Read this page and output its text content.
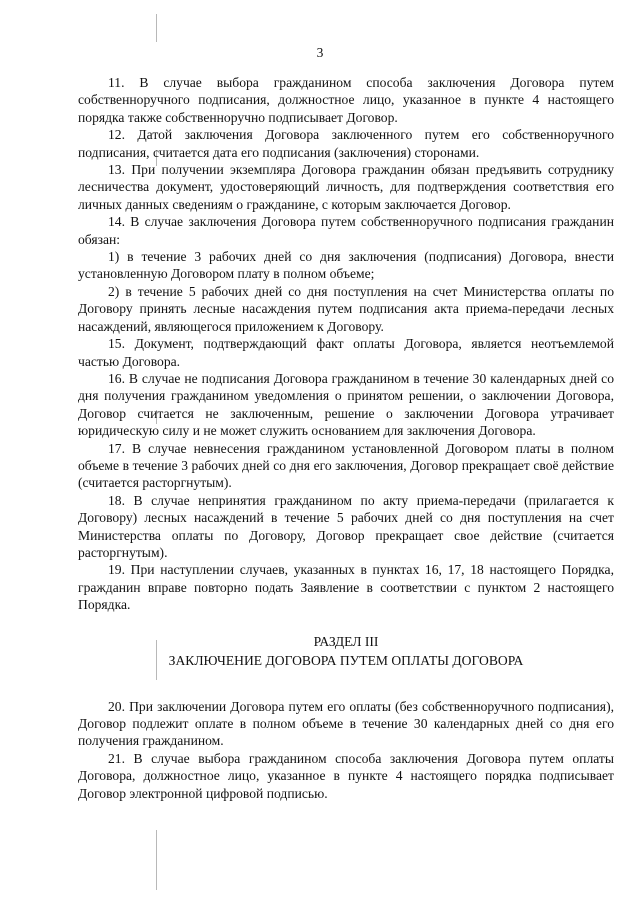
3

11. В случае выбора гражданином способа заключения Договора путем собственноручного подписания, должностное лицо, указанное в пункте 4 настоящего порядка также собственноручно подписывает Договор.

12. Датой заключения Договора заключенного путем его собственноручного подписания, считается дата его подписания (заключения) сторонами.

13. При получении экземпляра Договора гражданин обязан предъявить сотруднику лесничества документ, удостоверяющий личность, для подтверждения соответствия его личных данных сведениям о гражданине, с которым заключается Договор.

14. В случае заключения Договора путем собственноручного подписания гражданин обязан:

1) в течение 3 рабочих дней со дня заключения (подписания) Договора, внести установленную Договором плату в полном объеме;

2) в течение 5 рабочих дней со дня поступления на счет Министерства оплаты по Договору принять лесные насаждения путем подписания акта приема-передачи лесных насаждений, являющегося приложением к Договору.

15. Документ, подтверждающий факт оплаты Договора, является неотъемлемой частью Договора.

16. В случае не подписания Договора гражданином в течение 30 календарных дней со дня получения гражданином уведомления о принятом решении, о заключении Договора, Договор считается не заключенным, решение о заключении Договора утрачивает юридическую силу и не может служить основанием для заключения Договора.

17. В случае невнесения гражданином установленной Договором платы в полном объеме в течение 3 рабочих дней со дня его заключения, Договор прекращает своё действие (считается расторгнутым).

18. В случае непринятия гражданином по акту приема-передачи (прилагается к Договору) лесных насаждений в течение 5 рабочих дней со дня поступления на счет Министерства оплаты по Договору, Договор прекращает свое действие (считается расторгнутым).

19. При наступлении случаев, указанных в пунктах 16, 17, 18 настоящего Порядка, гражданин вправе повторно подать Заявление в соответствии с пунктом 2 настоящего Порядка.

РАЗДЕЛ III
ЗАКЛЮЧЕНИЕ ДОГОВОРА ПУТЕМ ОПЛАТЫ ДОГОВОРА

20. При заключении Договора путем его оплаты (без собственноручного подписания), Договор подлежит оплате в полном объеме в течение 30 календарных дней со дня его получения гражданином.

21. В случае выбора гражданином способа заключения Договора путем оплаты Договора, должностное лицо, указанное в пункте 4 настоящего порядка подписывает Договор электронной цифровой подписью.
